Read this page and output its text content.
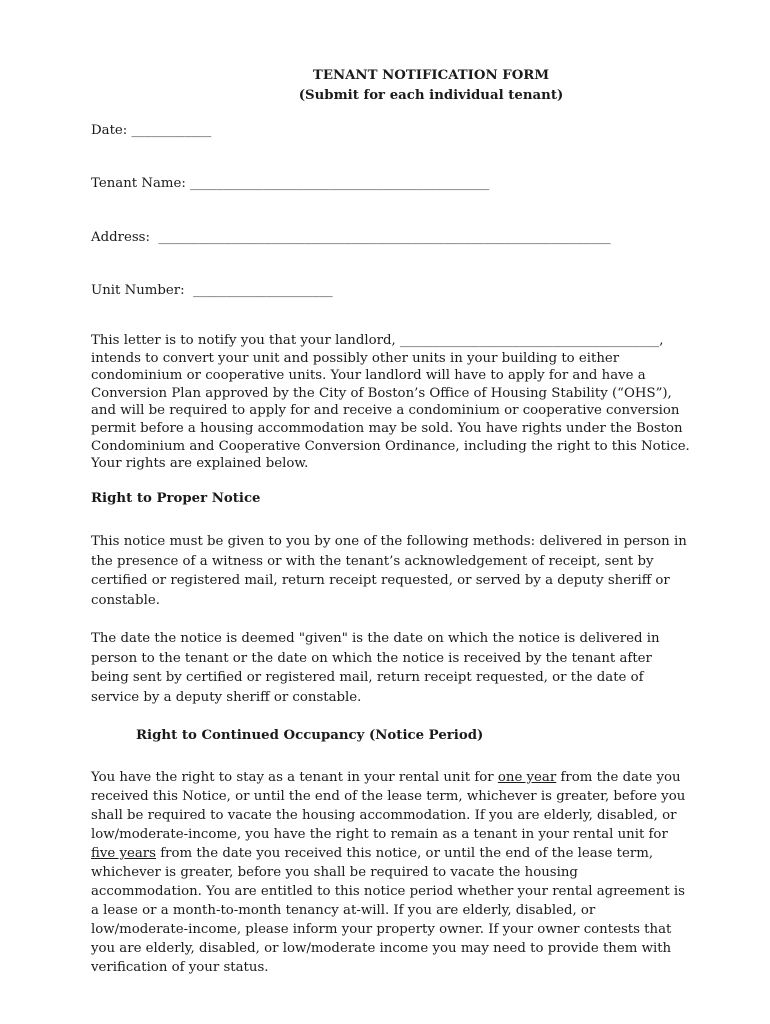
TENANT NOTIFICATION FORM
(Submit for each individual tenant)
Date: ____________
Tenant Name: _____________________________________________
Address:  ____________________________________________________________________
Unit Number:  _____________________

This letter is to notify you that your landlord, _______________________________________, intends to convert your unit and possibly other units in your building to either condominium or cooperative units. Your landlord will have to apply for and have a Conversion Plan approved by the City of Boston’s Office of Housing Stability (“OHS”), and will be required to apply for and receive a condominium or cooperative conversion permit before a housing accommodation may be sold. You have rights under the Boston Condominium and Cooperative Conversion Ordinance, including the right to this Notice. Your rights are explained below.

Right to Proper Notice

This notice must be given to you by one of the following methods: delivered in person in the presence of a witness or with the tenant’s acknowledgement of receipt, sent by certified or registered mail, return receipt requested, or served by a deputy sheriff or constable.

The date the notice is deemed "given" is the date on which the notice is delivered in person to the tenant or the date on which the notice is received by the tenant after being sent by certified or registered mail, return receipt requested, or the date of service by a deputy sheriff or constable.

Right to Continued Occupancy (Notice Period)

You have the right to stay as a tenant in your rental unit for one year from the date you received this Notice, or until the end of the lease term, whichever is greater, before you shall be required to vacate the housing accommodation. If you are elderly, disabled, or low/moderate-income, you have the right to remain as a tenant in your rental unit for five years from the date you received this notice, or until the end of the lease term, whichever is greater, before you shall be required to vacate the housing accommodation. You are entitled to this notice period whether your rental agreement is a lease or a month-to-month tenancy at-will. If you are elderly, disabled, or low/moderate-income, please inform your property owner. If your owner contests that you are elderly, disabled, or low/moderate income you may need to provide them with verification of your status.
